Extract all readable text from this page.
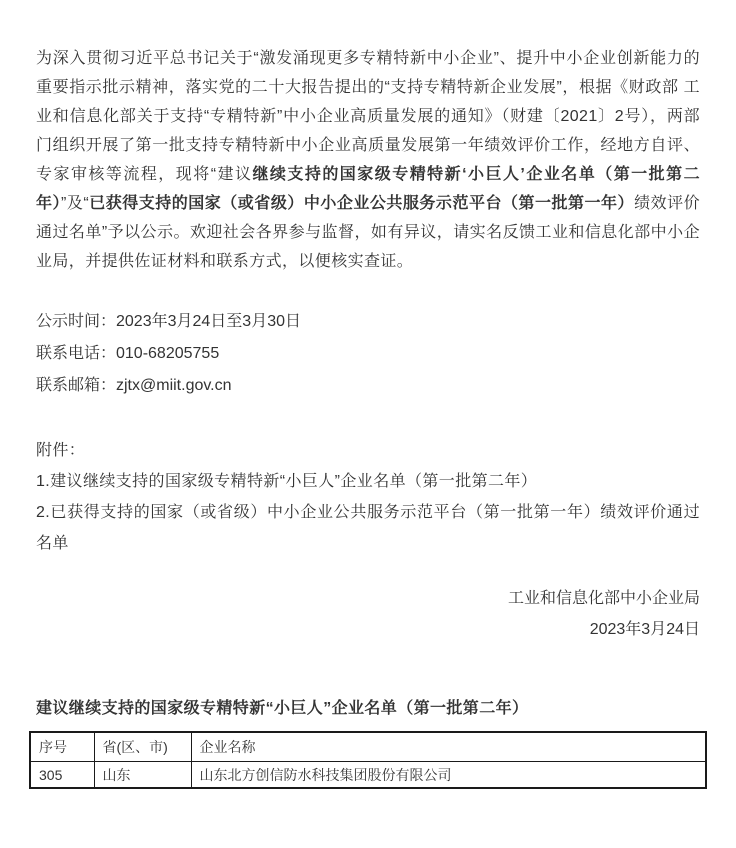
为深入贯彻习近平总书记关于“激发涌现更多专精特新中小企业”、提升中小企业创新能力的重要指示批示精神，落实党的二十大报告提出的“支持专精特新企业发展”，根据《财政部 工业和信息化部关于支持“专精特新”中小企业高质量发展的通知》（财建〔2021〕2号），两部门组织开展了第一批支持专精特新中小企业高质量发展第一年绩效评价工作，经地方自评、专家审核等流程，现将“建议继续支持的国家级专精特新‘小巨人’企业名单（第一批第二年）”及“已获得支持的国家（或省级）中小企业公共服务示范平台（第一批第一年）绩效评价通过名单”予以公示。欢迎社会各界参与监督，如有异议，请实名反馈工业和信息化部中小企业局，并提供佐证材料和联系方式，以便核实查证。

公示时间：2023年3月24日至3月30日
联系电话：010-68205755
联系邮箱：zjtx@miit.gov.cn
附件：
1.建议继续支持的国家级专精特新“小巨人”企业名单（第一批第二年）
2.已获得支持的国家（或省级）中小企业公共服务示范平台（第一批第一年）绩效评价通过名单
工业和信息化部中小企业局
2023年3月24日

建议继续支持的国家级专精特新“小巨人”企业名单（第一批第二年）

序号	省(区、市)	企业名称
305	山东	山东北方创信防水科技集团股份有限公司
